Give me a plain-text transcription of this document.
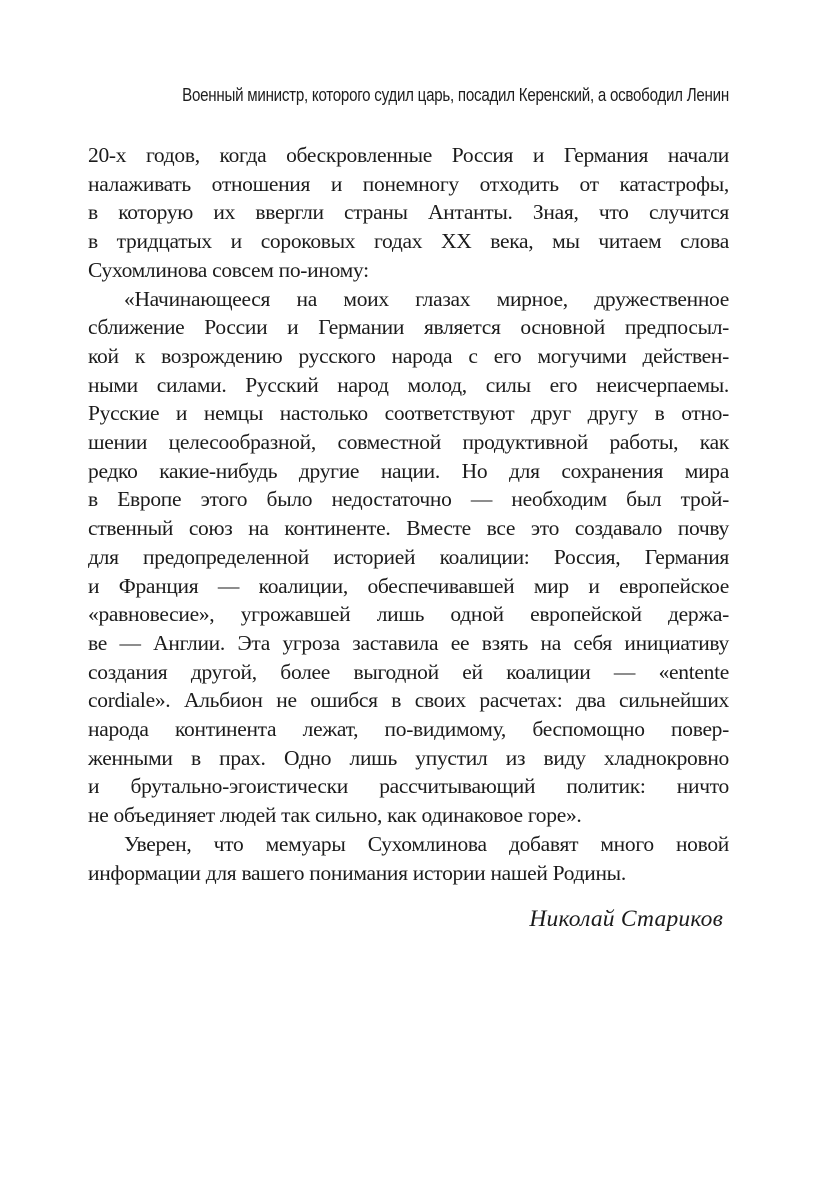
Военный министр, которого судил царь, посадил Керенский, а освободил Ленин
20-х годов, когда обескровленные Россия и Германия начали
налаживать отношения и понемногу отходить от катастрофы,
в которую их ввергли страны Антанты. Зная, что случится
в тридцатых и сороковых годах XX века, мы читаем слова
Сухомлинова совсем по-иному:
«Начинающееся на моих глазах мирное, дружественное
сближение России и Германии является основной предпосыл-
кой к возрождению русского народа с его могучими действен-
ными силами. Русский народ молод, силы его неисчерпаемы.
Русские и немцы настолько соответствуют друг другу в отно-
шении целесообразной, совместной продуктивной работы, как
редко какие-нибудь другие нации. Но для сохранения мира
в Европе этого было недостаточно — необходим был трой-
ственный союз на континенте. Вместе все это создавало почву
для предопределенной историей коалиции: Россия, Германия
и Франция — коалиции, обеспечивавшей мир и европейское
«равновесие», угрожавшей лишь одной европейской держа-
ве — Англии. Эта угроза заставила ее взять на себя инициативу
создания другой, более выгодной ей коалиции — «entente
cordiale». Альбион не ошибся в своих расчетах: два сильнейших
народа континента лежат, по-видимому, беспомощно повер-
женными в прах. Одно лишь упустил из виду хладнокровно
и брутально-эгоистически рассчитывающий политик: ничто
не объединяет людей так сильно, как одинаковое горе».
Уверен, что мемуары Сухомлинова добавят много новой
информации для вашего понимания истории нашей Родины.
Николай Стариков
